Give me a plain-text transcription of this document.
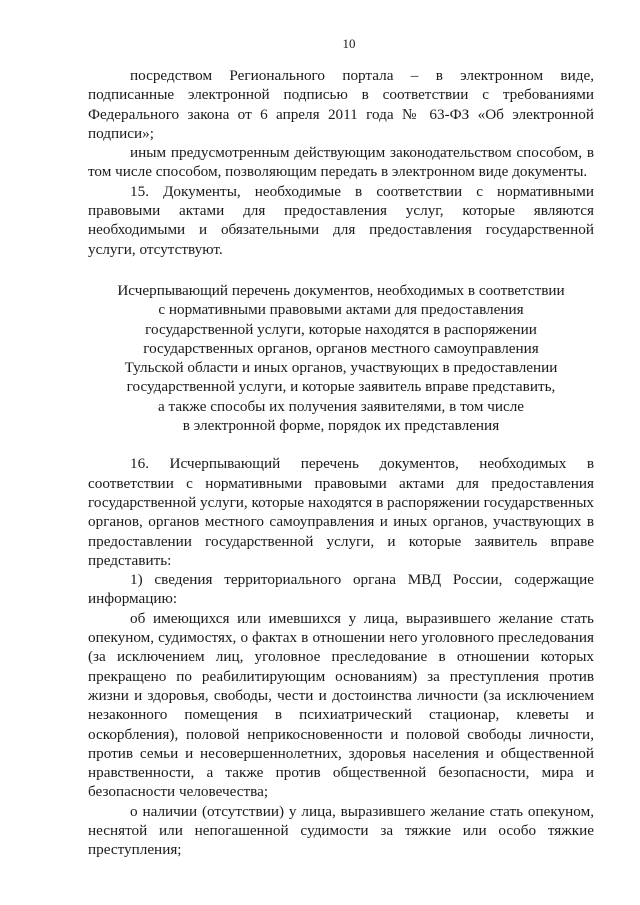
10

посредством Регионального портала – в электронном виде, подписанные электронной подписью в соответствии с требованиями Федерального закона от 6 апреля 2011 года № 63-ФЗ «Об электронной подписи»;

иным предусмотренным действующим законодательством способом, в том числе способом, позволяющим передать в электронном виде документы.

15. Документы, необходимые в соответствии с нормативными правовыми актами для предоставления услуг, которые являются необходимыми и обязательными для предоставления государственной услуги, отсутствуют.

Исчерпывающий перечень документов, необходимых в соответствии
с нормативными правовыми актами для предоставления
государственной услуги, которые находятся в распоряжении
государственных органов, органов местного самоуправления
Тульской области и иных органов, участвующих в предоставлении
государственной услуги, и которые заявитель вправе представить,
а также способы их получения заявителями, в том числе
в электронной форме, порядок их представления

16. Исчерпывающий перечень документов, необходимых в соответствии с нормативными правовыми актами для предоставления государственной услуги, которые находятся в распоряжении государственных органов, органов местного самоуправления и иных органов, участвующих в предоставлении государственной услуги, и которые заявитель вправе представить:

1) сведения территориального органа МВД России, содержащие информацию:

об имеющихся или имевшихся у лица, выразившего желание стать опекуном, судимостях, о фактах в отношении него уголовного преследования (за исключением лиц, уголовное преследование в отношении которых прекращено по реабилитирующим основаниям) за преступления против жизни и здоровья, свободы, чести и достоинства личности (за исключением незаконного помещения в психиатрический стационар, клеветы и оскорбления), половой неприкосновенности и половой свободы личности, против семьи и несовершеннолетних, здоровья населения и общественной нравственности, а также против общественной безопасности, мира и безопасности человечества;

о наличии (отсутствии) у лица, выразившего желание стать опекуном, неснятой или непогашенной судимости за тяжкие или особо тяжкие преступления;
